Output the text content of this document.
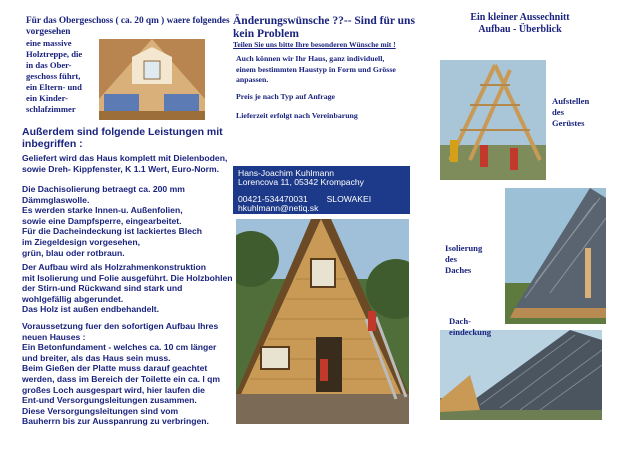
Für das Obergeschoss ( ca. 20 qm ) waere folgendes vorgesehen
eine massive
Holztreppe, die
in das Ober-
geschoss führt,
ein Eltern- und
ein Kinder-
schlafzimmer
Außerdem sind folgende Leistungen mit inbegriffen :
Geliefert wird das Haus komplett mit Dielenboden,
sowie Dreh- Kippfenster, K 1.1 Wert, Euro-Norm.
Die Dachisolierung betraegt ca. 200 mm
Dämmglaswolle.
Es werden starke Innen-u. Außenfolien,
sowie eine Dampfsperre, eingearbeitet.
Für die Dacheindeckung ist lackiertes Blech
im Ziegeldesign vorgesehen,
grün, blau oder rotbraun.
Der Aufbau wird als Holzrahmenkonstruktion
mit Isolierung und Folie ausgeführt. Die Holzbohlen
der Stirn-und Rückwand sind stark und
wohlgefällig abgerundet.
Das Holz ist außen endbehandelt.
Voraussetzung fuer den sofortigen Aufbau Ihres
neuen Hauses :
Ein Betonfundament - welches ca. 10 cm länger
und breiter, als das Haus sein muss.
Beim Gießen der Platte muss darauf geachtet
werden, dass im Bereich der Toilette ein ca. l qm
großes Loch ausgespart wird, hier laufen die
Ent-und Versorgungsleitungen zusammen.
Diese Versorgungsleitungen sind vom
Bauherrn bis zur Ausspanrung zu verbringen.
Änderungswünsche ??-- Sind für uns kein Problem
Teilen Sie uns bitte Ihre besonderen Wünsche mit !
Auch können wir Ihr Haus, ganz individuell,
einem bestimmten Haustyp in Form und Grösse
anpassen.
Preis je nach Typ auf Anfrage
Lieferzeit erfolgt nach Vereinbarung
Hans-Joachim Kuhlmann
Lorencova 11, 05342 Krompachy
00421-534470031 SLOWAKEI
hkuhlmann@netiq.sk
Ein kleiner Aussechnitt
Aufbau - Überblick
Aufstellen
des
Gerüstes
Isolierung
des
Daches
Dach-
eindeckung
